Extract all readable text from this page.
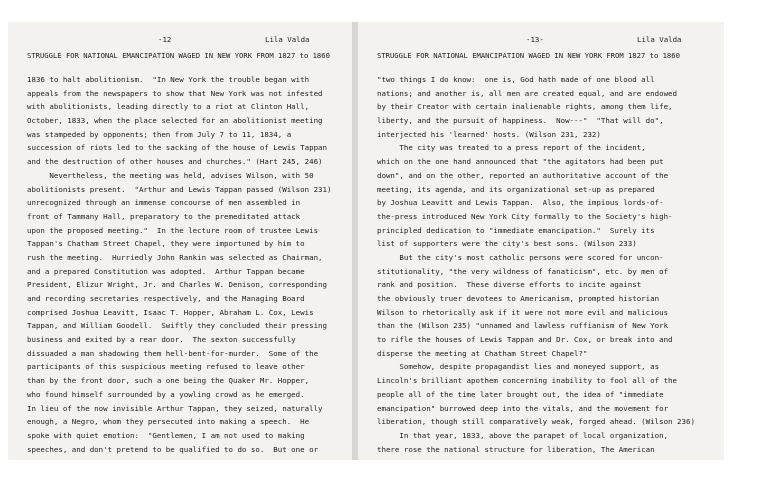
-12

	Lila Valda

STRUGGLE FOR NATIONAL EMANCIPATION WAGED IN NEW YORK FROM 1827 to 1860
1836 to halt abolitionism.  "In New York the trouble began with
appeals from the newspapers to show that New York was not infested
with abolitionists, leading directly to a riot at Clinton Hall,
October, 1833, when the place selected for an abolitionist meeting
was stampeded by opponents; then from July 7 to 11, 1834, a
succession of riots led to the sacking of the house of Lewis Tappan
and the destruction of other houses and churches." (Hart 245, 246)
Nevertheless, the meeting was held, advises Wilson, with 50
abolitionists present.  "Arthur and Lewis Tappan passed (Wilson 231)
unrecognized through an immense concourse of men assembled in
front of Tammany Hall, preparatory to the premeditated attack
upon the proposed meeting."  In the lecture room of trustee Lewis
Tappan's Chatham Street Chapel, they were importuned by him to
rush the meeting.  Hurriedly John Rankin was selected as Chairman,
and a prepared Constitution was adopted.  Arthur Tappan became
President, Elizur Wright, Jr. and Charles W. Denison, corresponding
and recording secretaries respectively, and the Managing Board
comprised Joshua Leavitt, Isaac T. Hopper, Abraham L. Cox, Lewis
Tappan, and William Goodell.  Swiftly they concluded their pressing
business and exited by a rear door.  The sexton successfully
dissuaded a man shadowing them hell-bent-for-murder.  Some of the
participants of this suspicious meeting refused to leave other
than by the front door, such a one being the Quaker Mr. Hopper,
who found himself surrounded by a yowling crowd as he emerged.
In lieu of the now invisible Arthur Tappan, they seized, naturally
enough, a Negro, whom they persecuted into making a speech.  He
spoke with quiet emotion:  "Gentlemen, I am not used to making
speeches, and don't pretend to be qualified to do so.  But one or

-13-

	Lila Valda

STRUGGLE FOR NATIONAL EMANCIPATION WAGED IN NEW YORK FROM 1827 to 1860
"two things I do know:  one is, God hath made of one blood all
nations; and another is, all men are created equal, and are endowed
by their Creator with certain inalienable rights, among them life,
liberty, and the pursuit of happiness.  Now---"  "That will do",
interjected his 'learned' hosts. (Wilson 231, 232)
The city was treated to a press report of the incident,
which on the one hand announced that "the agitators had been put
down", and on the other, reported an authoritative account of the
meeting, its agenda, and its organizational set-up as prepared
by Joshua Leavitt and Lewis Tappan.  Also, the impious lords-of-
the-press introduced New York City formally to the Society's high-
principled dedication to "immediate emancipation."  Surely its
list of supporters were the city's best sons. (Wilson 233)
But the city's most catholic persons were scored for uncon-
stitutionality, "the very wildness of fanaticism", etc. by men of
rank and position.  These diverse efforts to incite against
the obviously truer devotees to Americanism, prompted historian
Wilson to rhetorically ask if it were not more evil and malicious
than the (Wilson 235) "unnamed and lawless ruffianism of New York
to rifle the houses of Lewis Tappan and Dr. Cox, or break into and
disperse the meeting at Chatham Street Chapel?"
Somehow, despite propagandist lies and moneyed support, as
Lincoln's brilliant apothem concerning inability to fool all of the
people all of the time later brought out, the idea of "immediate
emancipation" burrowed deep into the vitals, and the movement for
liberation, though still comparatively weak, forged ahead. (Wilson 236)
In that year, 1833, above the parapet of local organization,
there rose the national structure for liberation, The American
